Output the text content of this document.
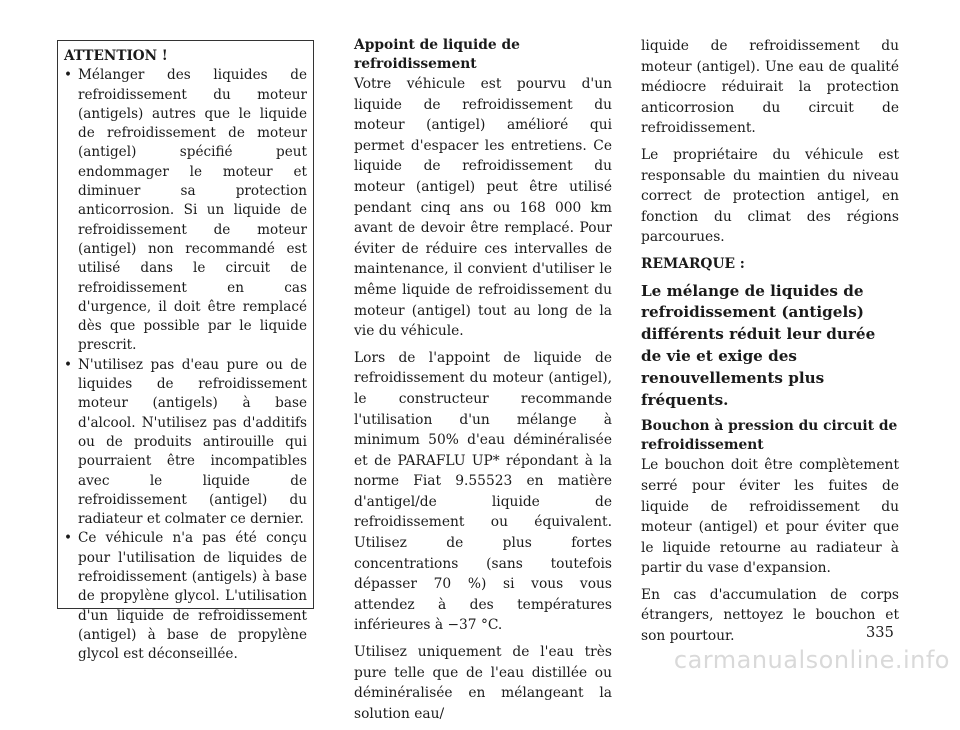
ATTENTION !

• Mélanger des liquides de refroidissement du moteur (antigels) autres que le liquide de refroidissement de moteur (antigel) spécifié peut endommager le moteur et diminuer sa protection anticorrosion. Si un liquide de refroidissement de moteur (antigel) non recommandé est utilisé dans le circuit de refroidissement en cas d'urgence, il doit être remplacé dès que possible par le liquide prescrit.
• N'utilisez pas d'eau pure ou de liquides de refroidissement moteur (antigels) à base d'alcool. N'utilisez pas d'additifs ou de produits antirouille qui pourraient être incompatibles avec le liquide de refroidissement (antigel) du radiateur et colmater ce dernier.
• Ce véhicule n'a pas été conçu pour l'utilisation de liquides de refroidissement (antigels) à base de propylène glycol. L'utilisation d'un liquide de refroidissement (antigel) à base de propylène glycol est déconseillée.
Appoint de liquide de refroidissement

Votre véhicule est pourvu d'un liquide de refroidissement du moteur (antigel) amélioré qui permet d'espacer les entretiens. Ce liquide de refroidissement du moteur (antigel) peut être utilisé pendant cinq ans ou 168 000 km avant de devoir être remplacé. Pour éviter de réduire ces intervalles de maintenance, il convient d'utiliser le même liquide de refroidissement du moteur (antigel) tout au long de la vie du véhicule.

Lors de l'appoint de liquide de refroidissement du moteur (antigel), le constructeur recommande l'utilisation d'un mélange à minimum 50% d'eau déminéralisée et de PARAFLU UP* répondant à la norme Fiat 9.55523 en matière d'antigel/de liquide de refroidissement ou équivalent. Utilisez de plus fortes concentrations (sans toutefois dépasser 70 %) si vous vous attendez à des températures inférieures à −37 °C.

Utilisez uniquement de l'eau très pure telle que de l'eau distillée ou déminéralisée en mélangeant la solution eau/

liquide de refroidissement du moteur (antigel). Une eau de qualité médiocre réduirait la protection anticorrosion du circuit de refroidissement.

Le propriétaire du véhicule est responsable du maintien du niveau correct de protection antigel, en fonction du climat des régions parcourues.

REMARQUE :

Le mélange de liquides de refroidissement (antigels) différents réduit leur durée de vie et exige des renouvellements plus fréquents.

Bouchon à pression du circuit de refroidissement

Le bouchon doit être complètement serré pour éviter les fuites de liquide de refroidissement du moteur (antigel) et pour éviter que le liquide retourne au radiateur à partir du vase d'expansion.

En cas d'accumulation de corps étrangers, nettoyez le bouchon et son pourtour.	335
carmanualsonline.info
